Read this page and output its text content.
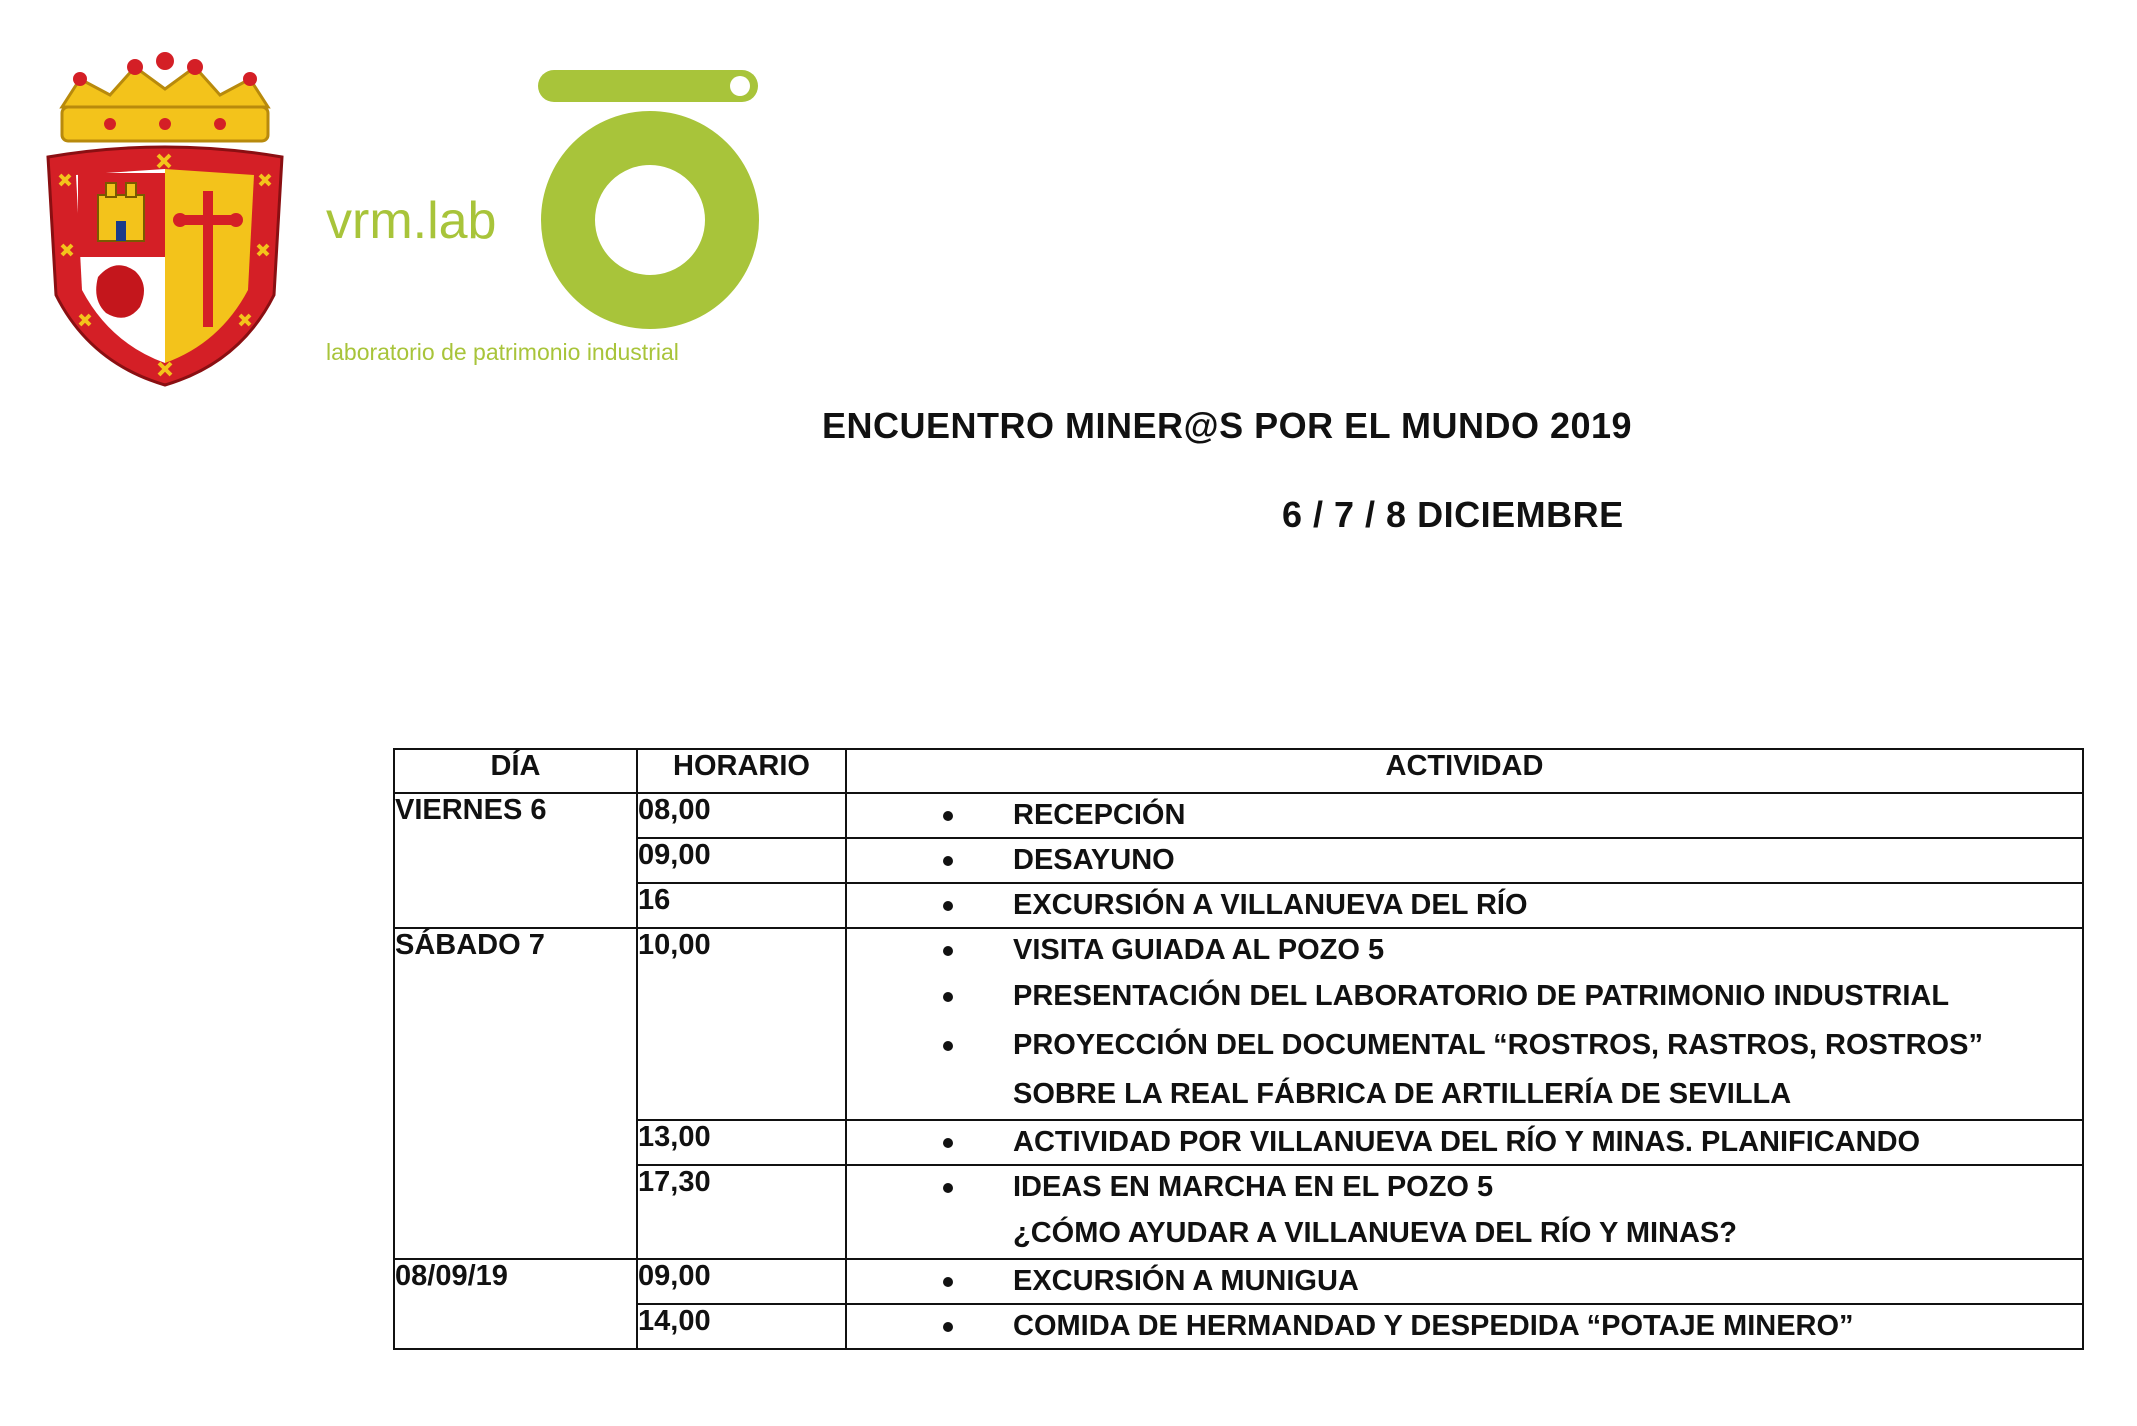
vrm.lab
laboratorio de patrimonio industrial
ENCUENTRO MINER@S POR EL MUNDO 2019
6 / 7 / 8 DICIEMBRE
DÍA	HORARIO	ACTIVIDAD
VIERNES 6	08,00	RECEPCIÓN

	09,00	DESAYUNO

	16	EXCURSIÓN A VILLANUEVA DEL RÍO

SÁBADO 7	10,00	VISITA GUIADA AL POZO 5
PRESENTACIÓN DEL LABORATORIO DE PATRIMONIO INDUSTRIAL
PROYECCIÓN DEL DOCUMENTAL “ROSTROS, RASTROS, ROSTROS”
SOBRE LA REAL FÁBRICA DE ARTILLERÍA DE SEVILLA

	13,00	ACTIVIDAD POR VILLANUEVA DEL RÍO Y MINAS. PLANIFICANDO

	17,30	IDEAS EN MARCHA EN EL POZO 5
¿CÓMO AYUDAR A VILLANUEVA DEL RÍO Y MINAS?

08/09/19	09,00	EXCURSIÓN A MUNIGUA

	14,00	COMIDA DE HERMANDAD Y DESPEDIDA “POTAJE MINERO”
